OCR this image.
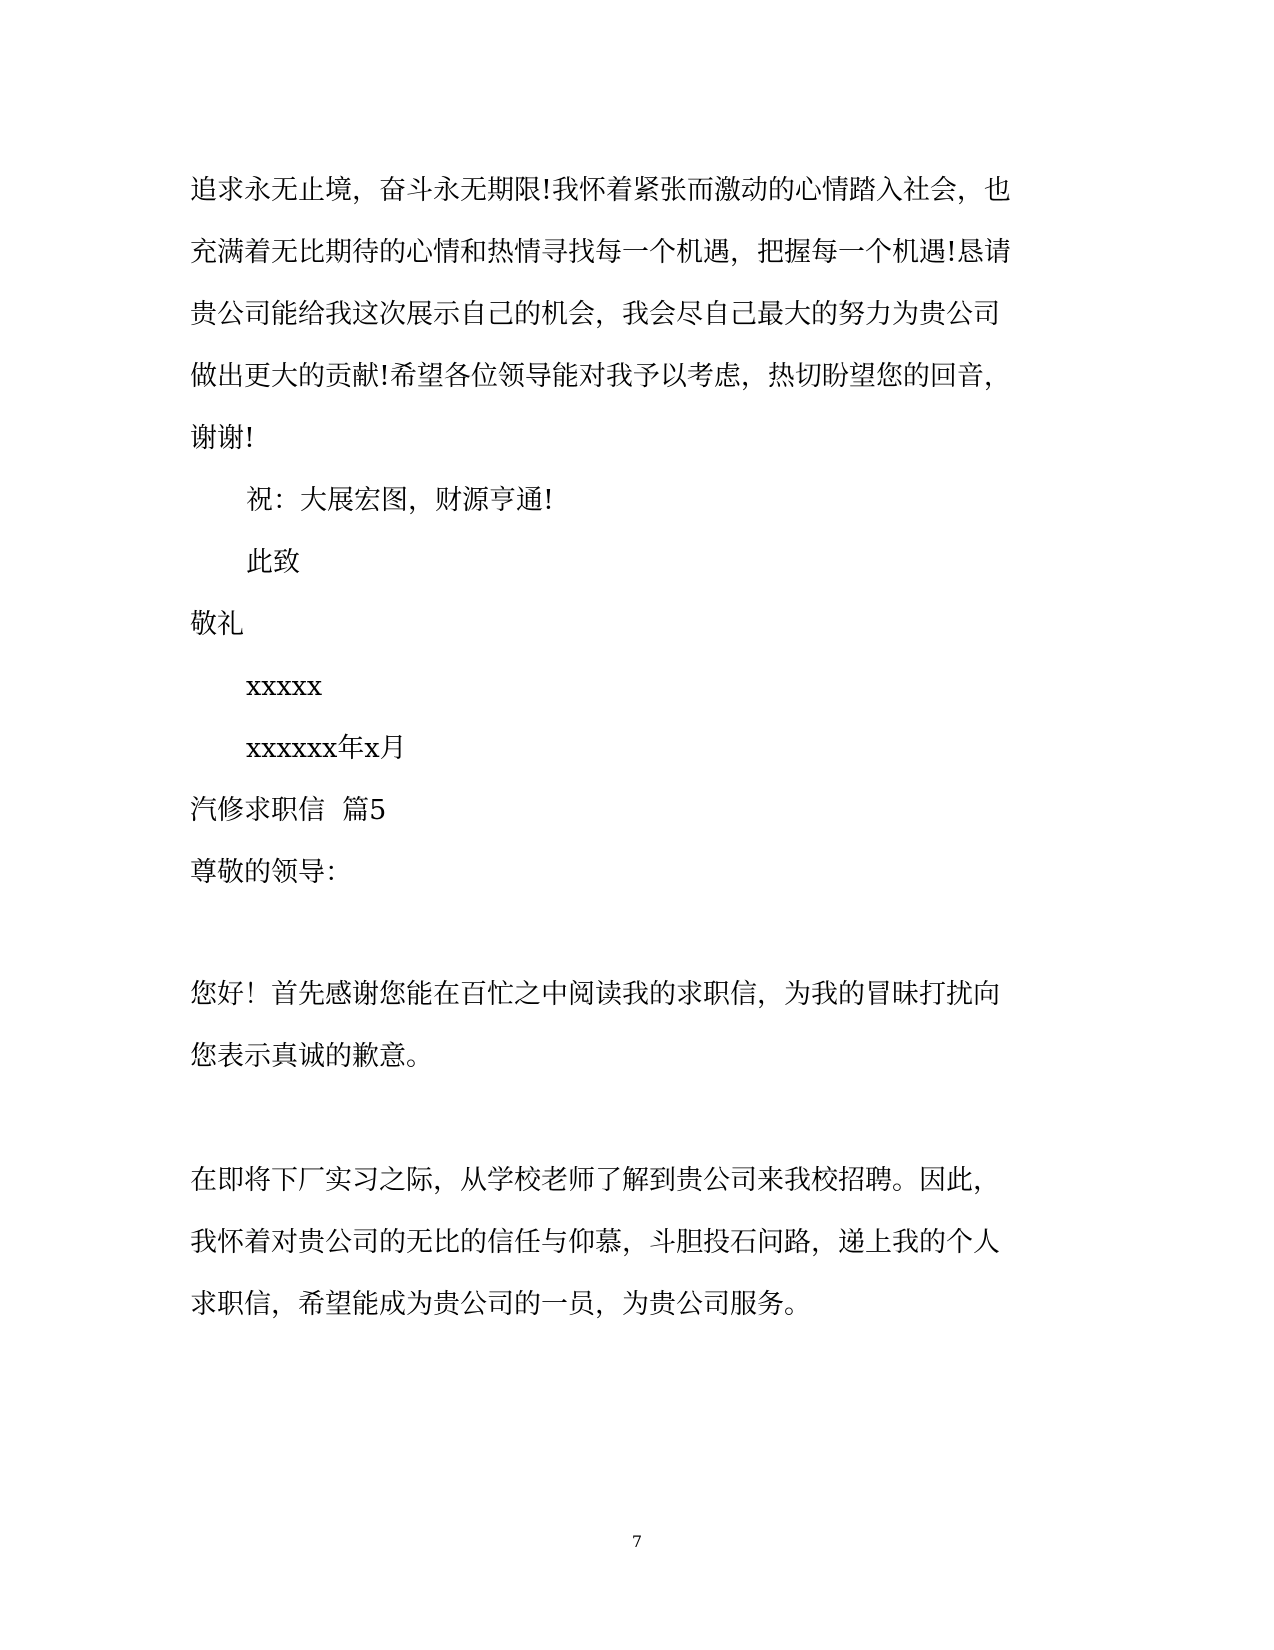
追求永无止境，奋斗永无期限!我怀着紧张而激动的心情踏入社会，也
充满着无比期待的心情和热情寻找每一个机遇，把握每一个机遇!恳请
贵公司能给我这次展示自己的机会，我会尽自己最大的努力为贵公司
做出更大的贡献!希望各位领导能对我予以考虑，热切盼望您的回音，
谢谢!
祝：大展宏图，财源亨通!
此致
敬礼
xxxxx
xxxxxx年x月
汽修求职信  篇5
尊敬的领导：
您好！首先感谢您能在百忙之中阅读我的求职信，为我的冒昧打扰向
您表示真诚的歉意。
在即将下厂实习之际，从学校老师了解到贵公司来我校招聘。因此，
我怀着对贵公司的无比的信任与仰慕，斗胆投石问路，递上我的个人
求职信，希望能成为贵公司的一员，为贵公司服务。
7
